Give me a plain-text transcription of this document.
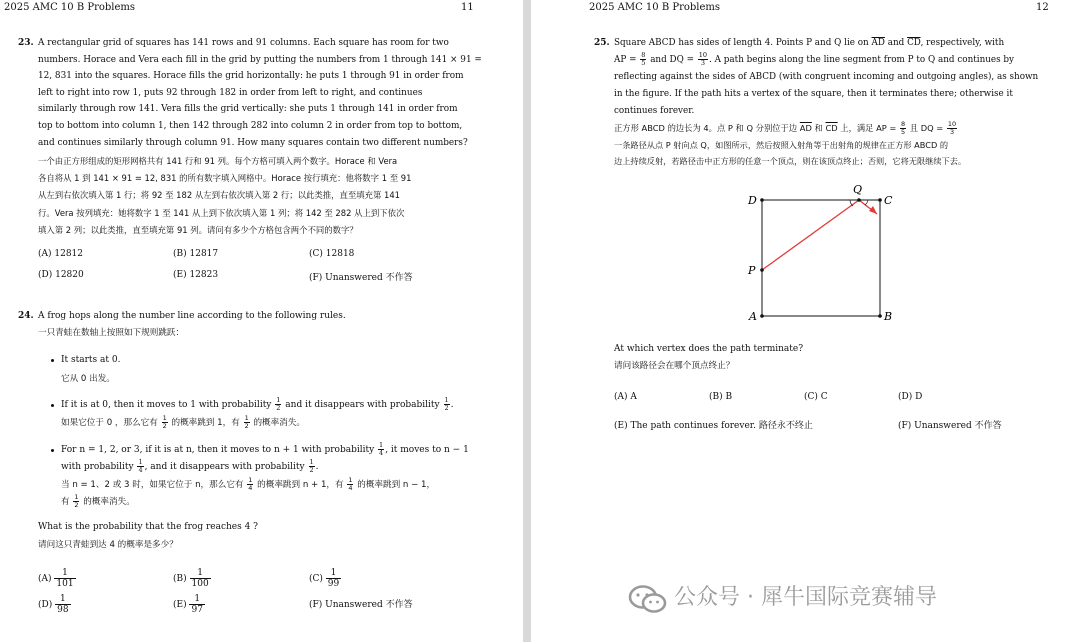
2025 AMC 10 B Problems	11
23. A rectangular grid of squares has 141 rows and 91 columns. Each square has room for two
numbers. Horace and Vera each fill in the grid by putting the numbers from 1 through 141 × 91 =
12, 831 into the squares. Horace fills the grid horizontally: he puts 1 through 91 in order from
left to right into row 1, puts 92 through 182 in order from left to right, and continues
similarly through row 141. Vera fills the grid vertically: she puts 1 through 141 in order from
top to bottom into column 1, then 142 through 282 into column 2 in order from top to bottom,
and continues similarly through column 91. How many squares contain two different numbers?
一个由正方形组成的矩形网格共有 141 行和 91 列。每个方格可填入两个数字。Horace 和 Vera
各自将从 1 到 141 × 91 = 12, 831 的所有数字填入网格中。Horace 按行填充：他将数字 1 至 91
从左到右依次填入第 1 行；将 92 至 182 从左到右依次填入第 2 行；以此类推，直至填充第 141
行。Vera 按列填充：她将数字 1 至 141 从上到下依次填入第 1 列；将 142 至 282 从上到下依次
填入第 2 列；以此类推，直至填充第 91 列。请问有多少个方格包含两个不同的数字？
(A) 12812	(B) 12817	(C) 12818
(D) 12820	(E) 12823	(F) Unanswered 不作答
24. A frog hops along the number line according to the following rules.
一只青蛙在数轴上按照如下规则跳跃：
It starts at 0.
它从 0 出发。
If it is at 0, then it moves to 1 with probability $\frac{1}{2}$ and it disappears with probability $\frac{1}{2}$ .
如果它位于 0 ，那么它有 $\frac{1}{2}$ 的概率跳到 1，有 $\frac{1}{2}$ 的概率消失。
For n = 1, 2, or 3, if it is at n, then it moves to n + 1 with probability $\frac{1}{4}$ , it moves to n − 1
with probability $\frac{1}{4}$ , and it disappears with probability $\frac{1}{2}$ .
当 n = 1、2 或 3 时，如果它位于 n，那么它有 $\frac{1}{4}$ 的概率跳到 n + 1，有 $\frac{1}{4}$ 的概率跳到 n − 1，
有 $\frac{1}{2}$ 的概率消失。
What is the probability that the frog reaches 4 ?
请问这只青蛙到达 4 的概率是多少？
$(A) \frac{1}{101}$	$(B) \frac{1}{100}$	$(C) \frac{1}{99}$
$(D) \frac{1}{98}$	$(E) \frac{1}{97}$	(F) Unanswered 不作答
2025 AMC 10 B Problems	12
25. Square ABCD has sides of length 4. Points P and Q lie on $\overline{AD}$ and $\overline{CD}$, respectively, with
AP = $\frac{8}{5}$ and DQ = $\frac{10}{3}$ . A path begins along the line segment from P to Q and continues by
reflecting against the sides of ABCD (with congruent incoming and outgoing angles), as shown
in the figure. If the path hits a vertex of the square, then it terminates there; otherwise it
continues forever.
正方形 ABCD 的边长为 4。点 P 和 Q 分别位于边 $\overline{AD}$ 和 $\overline{CD}$ 上，满足 AP = $\frac{8}{5}$ 且 DQ = $\frac{10}{3}$
一条路径从点 P 射向点 Q，如图所示，然后按照入射角等于出射角的规律在正方形 ABCD 的
边上持续反射，若路径击中正方形的任意一个顶点，则在该顶点终止；否则，它将无限继续下去。
D	C
A	B
P
Q
At which vertex does the path terminate?
请问该路径会在哪个顶点终止？
(A) A	(B) B	(C) C	(D) D
(E) The path continues forever. 路径永不终止	(F) Unanswered 不作答
公众号 · 犀牛国际竞赛辅导
